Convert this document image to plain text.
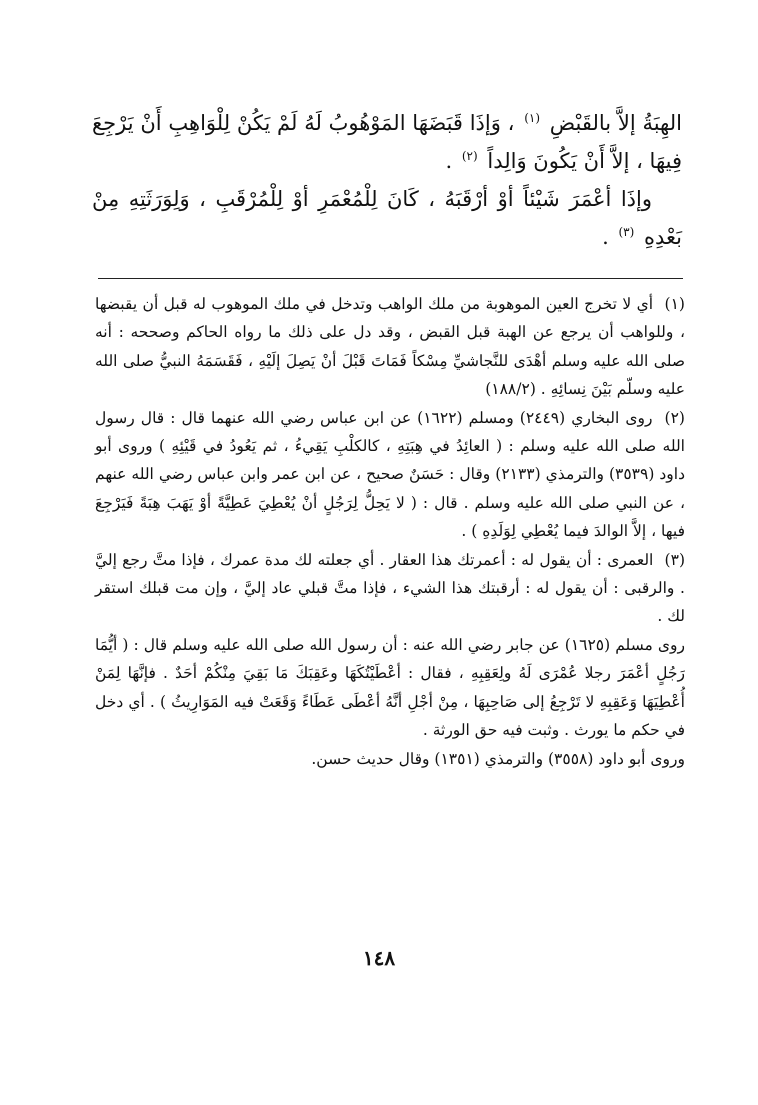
الهِبَةُ إلاَّ بالقَبْضِ $^{(١)}$ ، وَإذَا قَبَضَهَا المَوْهُوبُ لَهُ لَمْ يَكُنْ لِلْوَاهِبِ أَنْ يَرْجِعَ فِيهَا ، إلاَّ أَنْ يَكُونَ وَالِداً $^{(٢)}$ .

وإذَا أعْمَرَ شَيْئاً أوْ أرْقَبَهُ ، كَانَ لِلْمُعْمَرِ أوْ لِلْمُرْقَبِ ، وَلِوَرَثَتِهِ مِنْ بَعْدِهِ $^{(٣)}$ .

(١) أي لا تخرج العين الموهوبة من ملك الواهب وتدخل في ملك الموهوب له قبل أن يقبضها ، وللواهب أن يرجع عن الهبة قبل القبض ، وقد دل على ذلك ما رواه الحاكم وصححه : أنه صلى الله عليه وسلم أهْدَى للنَّجاشيِّ مِسْكاً فَمَاتَ قَبْلَ أنْ يَصِلَ إلَيْهِ ، فَقَسَمَهُ النبيُّ صلى الله عليه وسلّم بَيْنَ نِسائِهِ . (١٨٨/٢)

(٢) روى البخاري (٢٤٤٩) ومسلم (١٦٢٢) عن ابن عباس رضي الله عنهما قال : قال رسول الله صلى الله عليه وسلم : ( العائِدُ في هِبَتِهِ ، كالكلْبِ يَقِيءُ ، ثم يَعُودُ في قَيْئِهِ ) وروى أبو داود (٣٥٣٩) والترمذي (٢١٣٣) وقال : حَسَنٌ صحيح ، عن ابن عمر وابن عباس رضي الله عنهم ، عن النبي صلى الله عليه وسلم . قال : ( لا يَحِلُّ لِرَجُلٍ أنْ يُعْطِيَ عَطِيَّةً أوْ يَهَبَ هِبَةً فَيَرْجِعَ فيها ، إلاَّ الوالدَ فيما يُعْطِي لِوَلَدِهِ ) .

(٣) العمرى : أن يقول له : أعمرتك هذا العقار . أي جعلته لك مدة عمرك ، فإذا متَّ رجع إليَّ . والرقبى : أن يقول له : أرقبتك هذا الشيء ، فإذا متَّ قبلي عاد إليَّ ، وإن مت قبلك استقر لك .

روى مسلم (١٦٢٥) عن جابر رضي الله عنه : أن رسول الله صلى الله عليه وسلم قال : ( أيُّمَا رَجُلٍ أعْمَرَ رجلا عُمْرَى لَهُ ولِعَقِبِهِ ، فقال : أعْطَيْتُكَهَا وعَقِبَكَ مَا بَقِيَ مِنْكُمْ أحَدٌ . فإنَّهَا لِمَنْ أُعْطِيَهَا وَعَقِبِهِ لا تَرْجِعُ إلى صَاحِبِهَا ، مِنْ أجْلِ أنَّهُ أعْطَى عَطَاءً وَقَعَتْ فيه المَوَارِيثُ ) . أي دخل في حكم ما يورث . وثبت فيه حق الورثة .

وروى أبو داود (٣٥٥٨) والترمذي (١٣٥١) وقال حديث حسن.

١٤٨
